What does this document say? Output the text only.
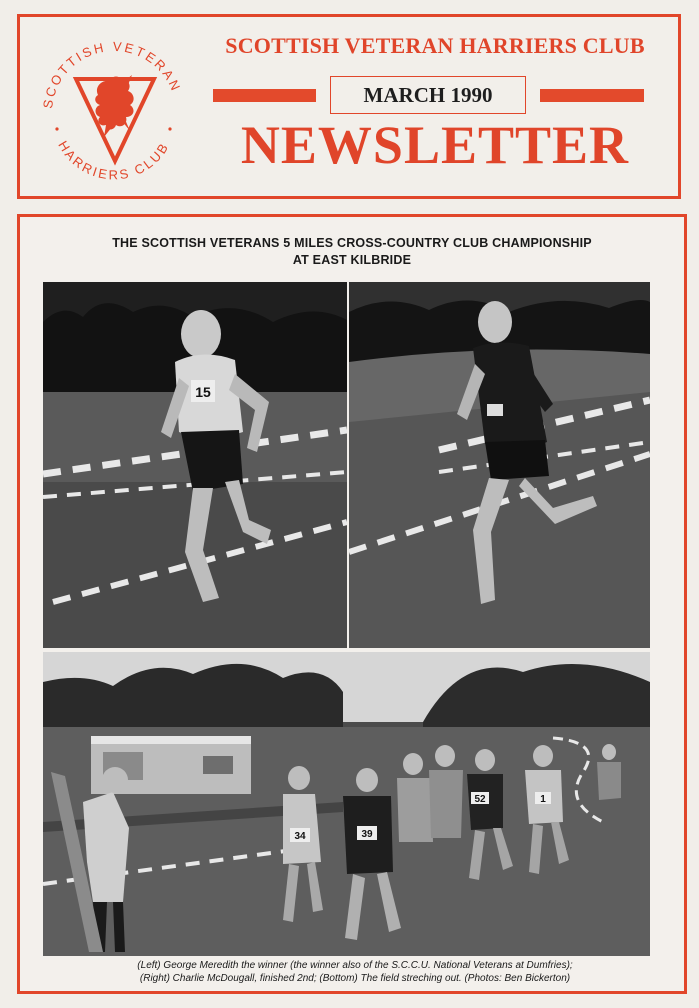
SCOTTISH VETERAN
HARRIERS CLUB
SCOTTISH VETERAN HARRIERS CLUB
MARCH 1990
NEWSLETTER
THE SCOTTISH VETERANS 5 MILES CROSS-COUNTRY CLUB CHAMPIONSHIP
AT EAST KILBRIDE
15
34	39
52	1
(Left) George Meredith the winner (the winner also of the S.C.C.U. National Veterans at Dumfries);
(Right) Charlie McDougall, finished 2nd; (Bottom) The field streching out. (Photos: Ben Bickerton)
